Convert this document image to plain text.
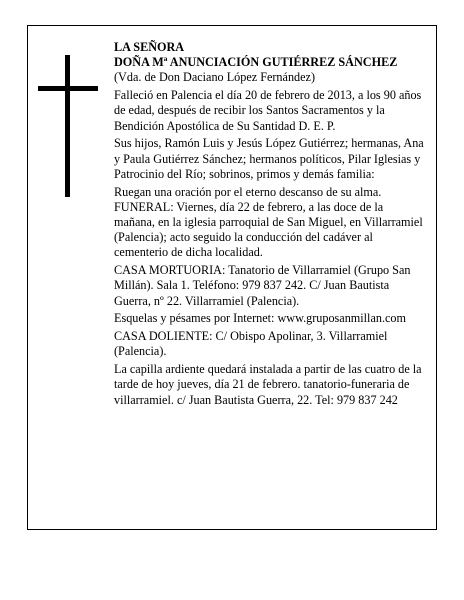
LA SEÑORA
DOÑA Mª ANUNCIACIÓN GUTIÉRREZ SÁNCHEZ

(Vda. de Don Daciano López Fernández)

Falleció en Palencia el día 20 de febrero de 2013, a los 90 años de edad, después de recibir los Santos Sacramentos y la Bendición Apostólica de Su Santidad D. E. P.

Sus hijos, Ramón Luis y Jesús López Gutiérrez; hermanas, Ana y Paula Gutiérrez Sánchez; hermanos políticos, Pilar Iglesias y Patrocinio del Río; sobrinos, primos y demás familia:

Ruegan una oración por el eterno descanso de su alma. FUNERAL: Viernes, día 22 de febrero, a las doce de la mañana, en la iglesia parroquial de San Miguel, en Villarramiel (Palencia); acto seguido la conducción del cadáver al cementerio de dicha localidad.

CASA MORTUORIA: Tanatorio de Villarramiel (Grupo San Millán). Sala 1. Teléfono: 979 837 242. C/ Juan Bautista Guerra, nº 22. Villarramiel (Palencia).

Esquelas y pésames por Internet: www.gruposanmillan.com

CASA DOLIENTE: C/ Obispo Apolinar, 3. Villarramiel (Palencia).

La capilla ardiente quedará instalada a partir de las cuatro de la tarde de hoy jueves, día 21 de febrero. tanatorio-funeraria de villarramiel. c/ Juan Bautista Guerra, 22. Tel: 979 837 242
